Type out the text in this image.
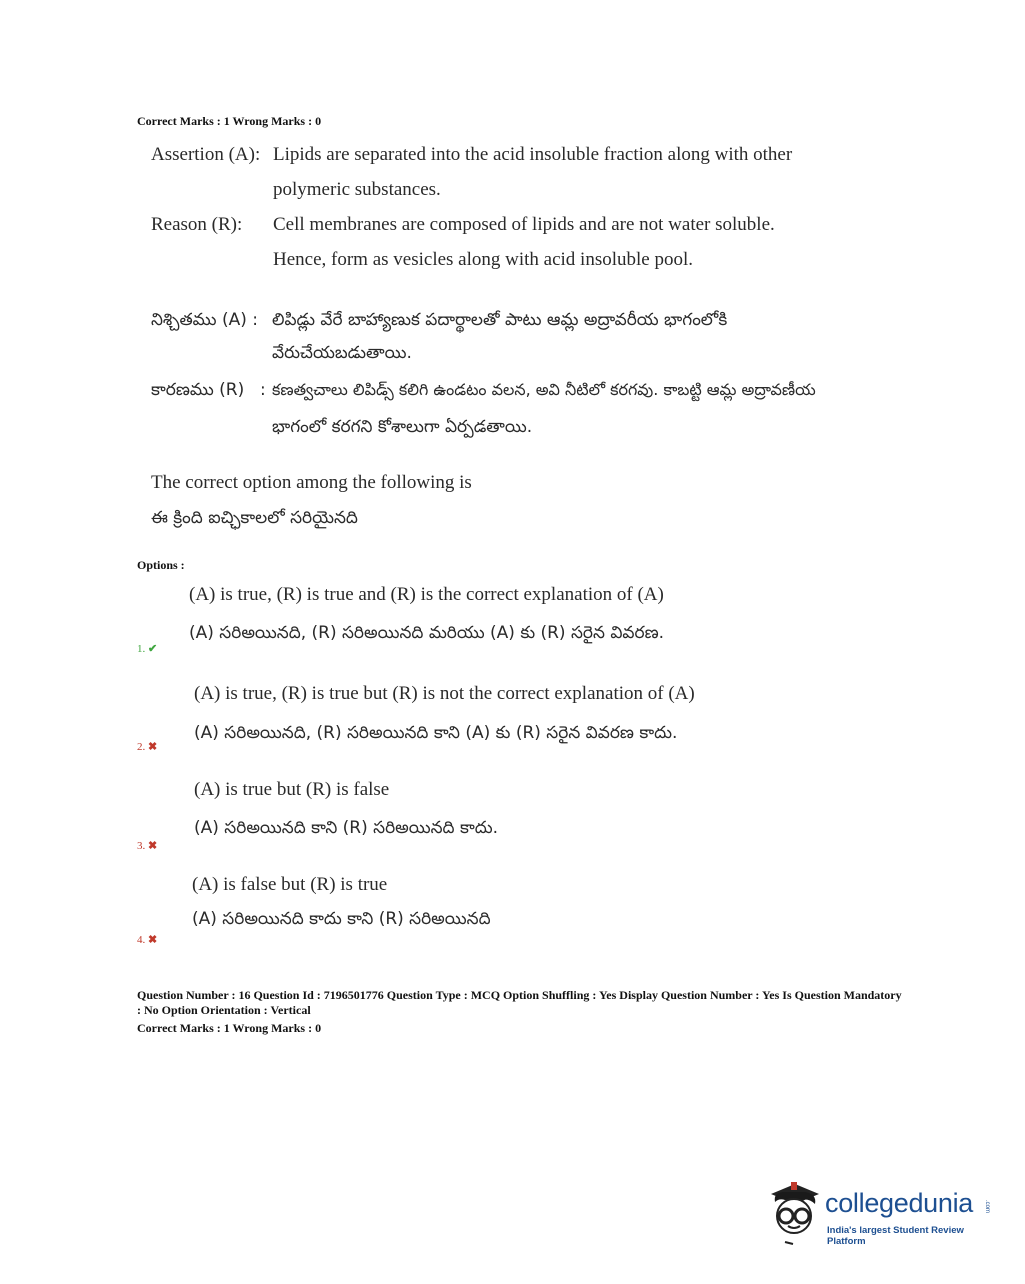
Correct Marks : 1 Wrong Marks : 0
Assertion (A): Lipids are separated into the acid insoluble fraction along with other
polymeric substances.
Reason (R): Cell membranes are composed of lipids and are not water soluble.
Hence, form as vesicles along with acid insoluble pool.
నిశ్చితము (A) : లిపిడ్లు వేరే బాహ్యాణుక పదార్థాలతో పాటు ఆమ్ల అద్రావరీయ భాగంలోకి
వేరుచేయబడుతాయి.
కారణము (R) : కణత్వచాలు లిపిడ్స్ కలిగి ఉండటం వలన, అవి నీటిలో కరగవు. కాబట్టి ఆమ్ల అద్రావణీయ
భాగంలో కరగని కోశాలుగా ఏర్పడతాయి.
The correct option among the following is
ఈ క్రింది ఐచ్ఛికాలలో సరియైనది
Options :
(A) is true, (R) is true and (R) is the correct explanation of (A)
(A) సరిఅయినది, (R) సరిఅయినది మరియు (A) కు (R) సరైన వివరణ.
1. ✔
(A) is true, (R) is true but (R) is not the correct explanation of (A)
(A) సరిఅయినది, (R) సరిఅయినది కాని (A) కు (R) సరైన వివరణ కాదు.
2. ✖
(A) is true but (R) is false
(A) సరిఅయినది కాని (R) సరిఅయినది కాదు.
3. ✖
(A) is false but (R) is true
(A) సరిఅయినది కాదు కాని (R) సరిఅయినది
4. ✖
Question Number : 16 Question Id : 7196501776 Question Type : MCQ Option Shuffling : Yes Display Question Number : Yes Is Question Mandatory : No Option Orientation : Vertical
Correct Marks : 1 Wrong Marks : 0
collegedunia .com
India's largest Student Review Platform
